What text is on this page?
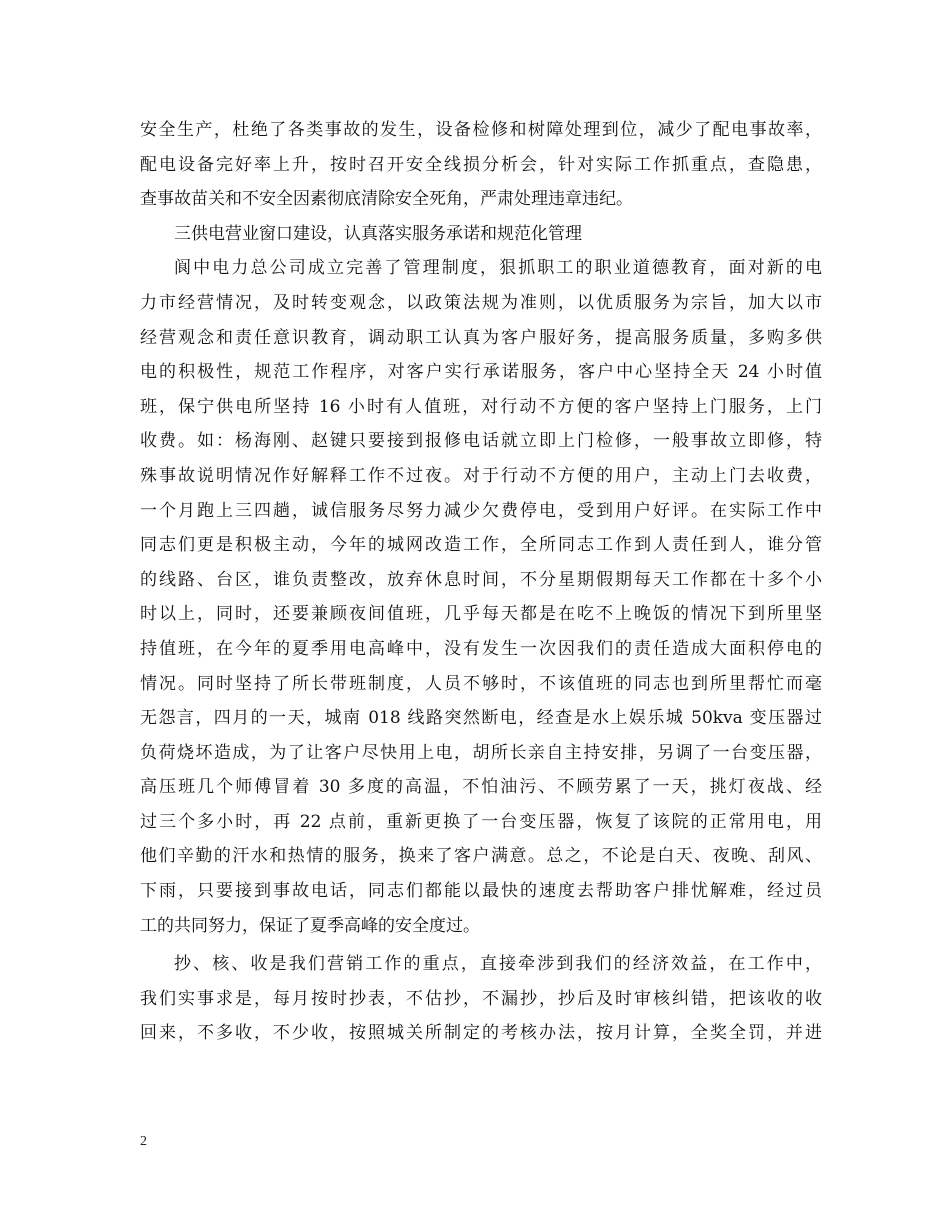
安全生产，杜绝了各类事故的发生，设备检修和树障处理到位，减少了配电事故率，
配电设备完好率上升，按时召开安全线损分析会，针对实际工作抓重点，查隐患，
查事故苗关和不安全因素彻底清除安全死角，严肃处理违章违纪。
三供电营业窗口建设，认真落实服务承诺和规范化管理
阆中电力总公司成立完善了管理制度，狠抓职工的职业道德教育，面对新的电
力市经营情况，及时转变观念，以政策法规为准则，以优质服务为宗旨，加大以市
经营观念和责任意识教育，调动职工认真为客户服好务，提高服务质量，多购多供
电的积极性，规范工作程序，对客户实行承诺服务，客户中心坚持全天 24 小时值
班，保宁供电所坚持 16 小时有人值班，对行动不方便的客户坚持上门服务，上门
收费。如：杨海刚、赵键只要接到报修电话就立即上门检修，一般事故立即修，特
殊事故说明情况作好解释工作不过夜。对于行动不方便的用户，主动上门去收费，
一个月跑上三四趟，诚信服务尽努力减少欠费停电，受到用户好评。在实际工作中
同志们更是积极主动，今年的城网改造工作，全所同志工作到人责任到人，谁分管
的线路、台区，谁负责整改，放弃休息时间，不分星期假期每天工作都在十多个小
时以上，同时，还要兼顾夜间值班，几乎每天都是在吃不上晚饭的情况下到所里坚
持值班，在今年的夏季用电高峰中，没有发生一次因我们的责任造成大面积停电的
情况。同时坚持了所长带班制度，人员不够时，不该值班的同志也到所里帮忙而毫
无怨言，四月的一天，城南 018 线路突然断电，经查是水上娱乐城 50kva 变压器过
负荷烧坏造成，为了让客户尽快用上电，胡所长亲自主持安排，另调了一台变压器，
高压班几个师傅冒着 30 多度的高温，不怕油污、不顾劳累了一天，挑灯夜战、经
过三个多小时，再 22 点前，重新更换了一台变压器，恢复了该院的正常用电，用
他们辛勤的汗水和热情的服务，换来了客户满意。总之，不论是白天、夜晚、刮风、
下雨，只要接到事故电话，同志们都能以最快的速度去帮助客户排忧解难，经过员
工的共同努力，保证了夏季高峰的安全度过。
抄、核、收是我们营销工作的重点，直接牵涉到我们的经济效益，在工作中，
我们实事求是，每月按时抄表，不估抄，不漏抄，抄后及时审核纠错，把该收的收
回来，不多收，不少收，按照城关所制定的考核办法，按月计算，全奖全罚，并进
2
